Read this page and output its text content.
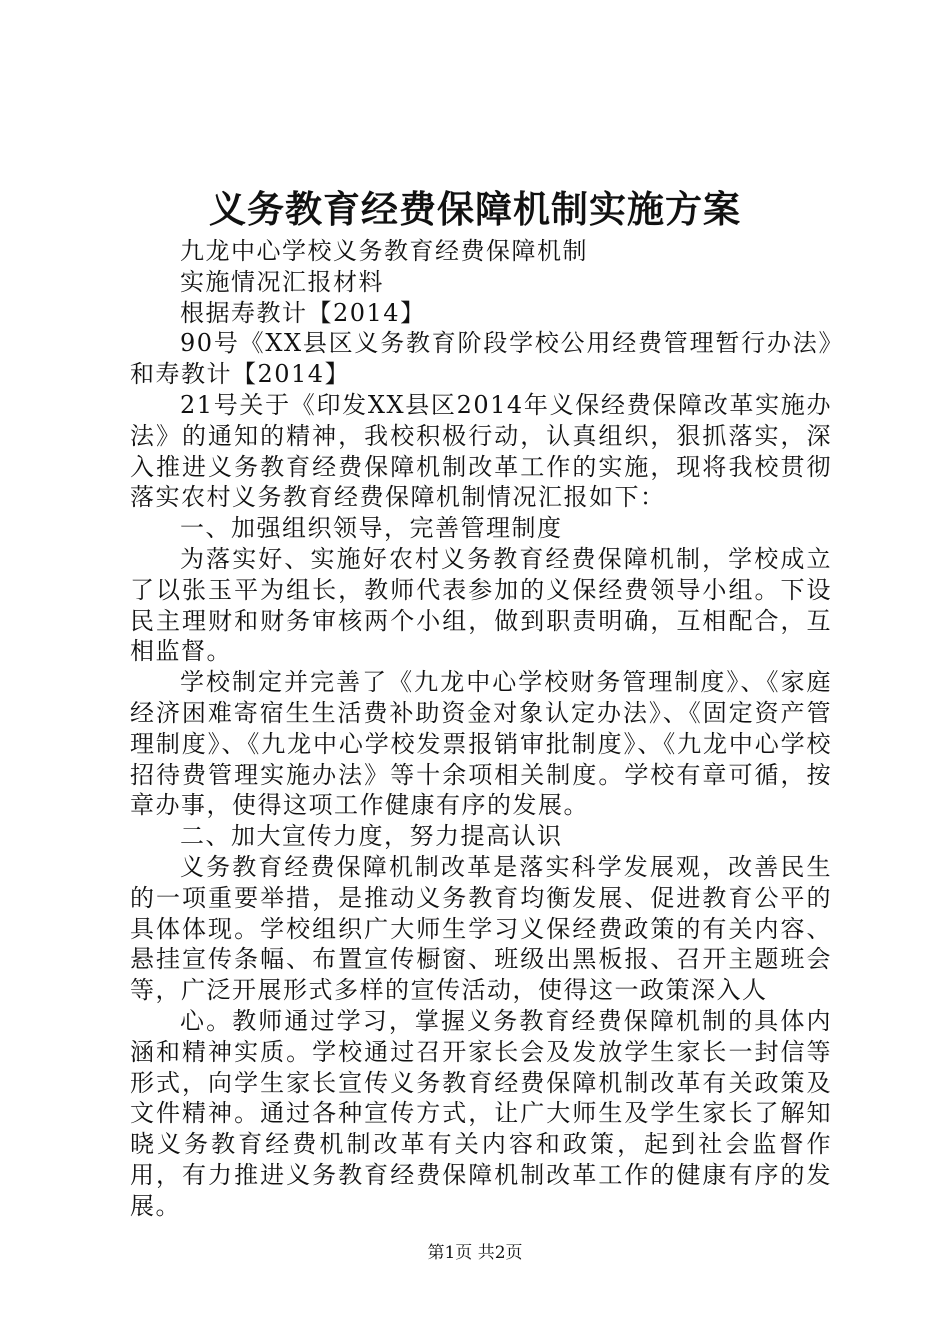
义务教育经费保障机制实施方案

九龙中心学校义务教育经费保障机制

实施情况汇报材料

根据寿教计【2014】

90号《XX县区义务教育阶段学校公用经费管理暂行办法》和寿教计【2014】

21号关于《印发XX县区2014年义保经费保障改革实施办法》的通知的精神，我校积极行动，认真组织，狠抓落实，深入推进义务教育经费保障机制改革工作的实施，现将我校贯彻落实农村义务教育经费保障机制情况汇报如下：

一、加强组织领导，完善管理制度

为落实好、实施好农村义务教育经费保障机制，学校成立了以张玉平为组长，教师代表参加的义保经费领导小组。下设民主理财和财务审核两个小组，做到职责明确，互相配合，互相监督。

学校制定并完善了《九龙中心学校财务管理制度》、《家庭经济困难寄宿生生活费补助资金对象认定办法》、《固定资产管理制度》、《九龙中心学校发票报销审批制度》、《九龙中心学校招待费管理实施办法》等十余项相关制度。学校有章可循，按章办事，使得这项工作健康有序的发展。

二、加大宣传力度，努力提高认识

义务教育经费保障机制改革是落实科学发展观，改善民生的一项重要举措，是推动义务教育均衡发展、促进教育公平的具体体现。学校组织广大师生学习义保经费政策的有关内容、悬挂宣传条幅、布置宣传橱窗、班级出黑板报、召开主题班会等，广泛开展形式多样的宣传活动，使得这一政策深入人

心。教师通过学习，掌握义务教育经费保障机制的具体内涵和精神实质。学校通过召开家长会及发放学生家长一封信等形式，向学生家长宣传义务教育经费保障机制改革有关政策及文件精神。通过各种宣传方式，让广大师生及学生家长了解知晓义务教育经费机制改革有关内容和政策，起到社会监督作用，有力推进义务教育经费保障机制改革工作的健康有序的发展。

第1页 共2页
